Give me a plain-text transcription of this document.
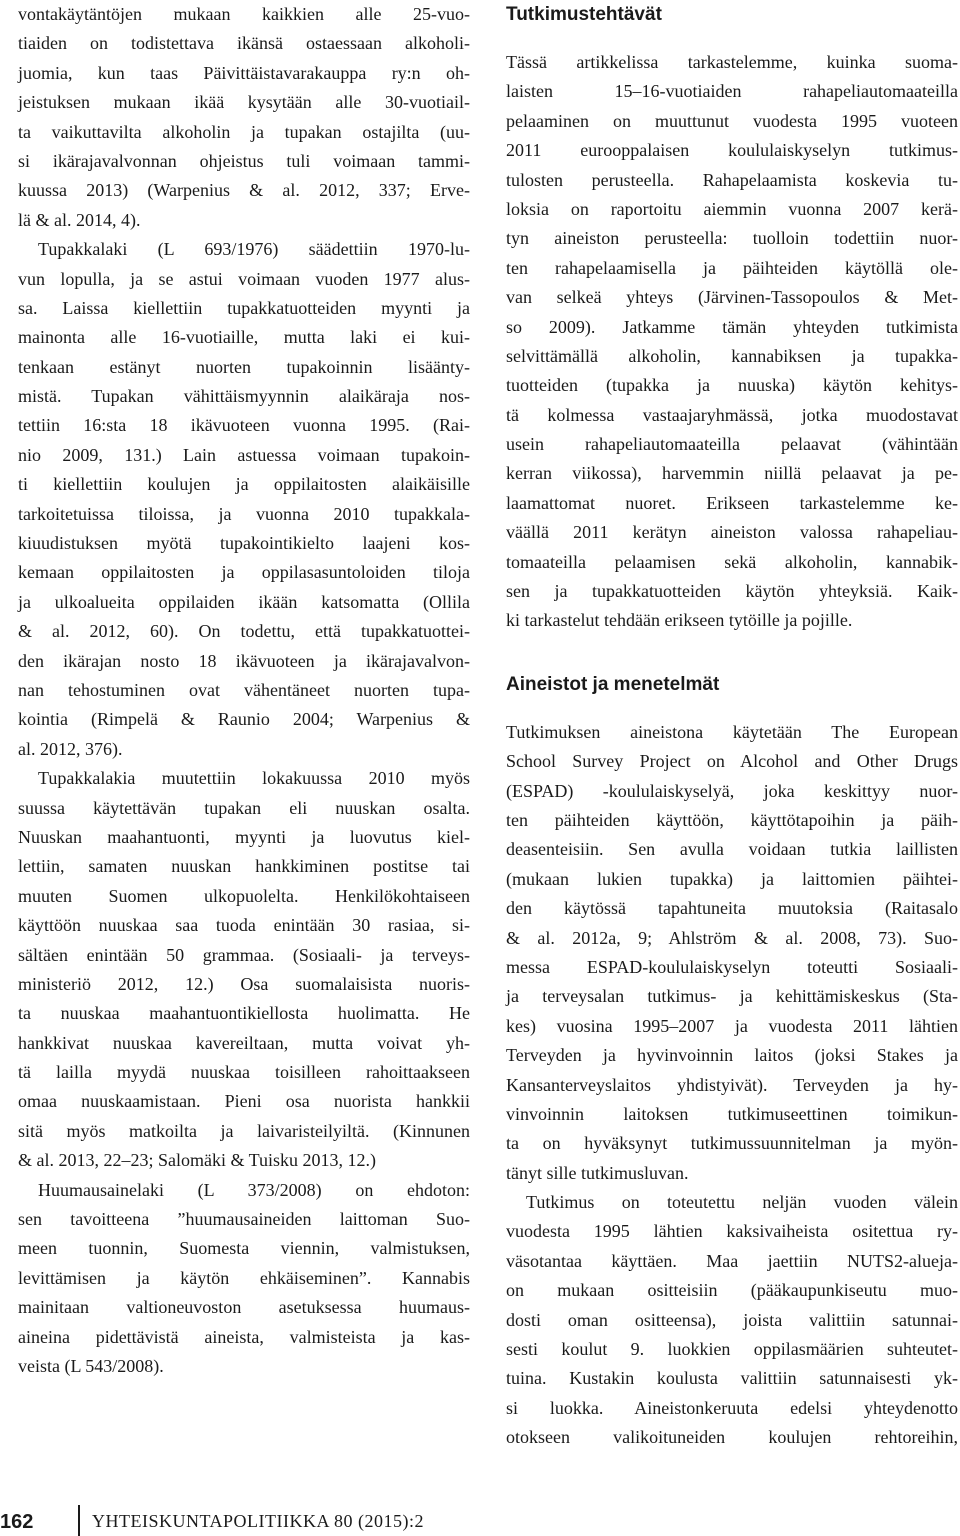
vontakäytäntöjen mukaan kaikkien alle 25-vuo-
tiaiden on todistettava ikänsä ostaessaan alkoholi-
juomia, kun taas Päivittäistavarakauppa ry:n oh-
jeistuksen mukaan ikää kysytään alle 30-vuotiail-
ta vaikuttavilta alkoholin ja tupakan ostajilta (uu-
si ikärajavalvonnan ohjeistus tuli voimaan tammi-
kuussa 2013) (Warpenius & al. 2012, 337; Erve-
lä & al. 2014, 4).
Tupakkalaki (L 693/1976) säädettiin 1970-lu-
vun lopulla, ja se astui voimaan vuoden 1977 alus-
sa. Laissa kiellettiin tupakkatuotteiden myynti ja
mainonta alle 16-vuotiaille, mutta laki ei kui-
tenkaan estänyt nuorten tupakoinnin lisäänty-
mistä. Tupakan vähittäismyynnin alaikäraja nos-
tettiin 16:sta 18 ikävuoteen vuonna 1995. (Rai-
nio 2009, 131.) Lain astuessa voimaan tupakoin-
ti kiellettiin koulujen ja oppilaitosten alaikäisille
tarkoitetuissa tiloissa, ja vuonna 2010 tupakkala-
kiuudistuksen myötä tupakointikielto laajeni kos-
kemaan oppilaitosten ja oppilasasuntoloiden tiloja
ja ulkoalueita oppilaiden ikään katsomatta (Ollila
& al. 2012, 60). On todettu, että tupakkatuottei-
den ikärajan nosto 18 ikävuoteen ja ikärajavalvon-
nan tehostuminen ovat vähentäneet nuorten tupa-
kointia (Rimpelä & Raunio 2004; Warpenius &
al. 2012, 376).
Tupakkalakia muutettiin lokakuussa 2010 myös
suussa käytettävän tupakan eli nuuskan osalta.
Nuuskan maahantuonti, myynti ja luovutus kiel-
lettiin, samaten nuuskan hankkiminen postitse tai
muuten Suomen ulkopuolelta. Henkilökohtaiseen
käyttöön nuuskaa saa tuoda enintään 30 rasiaa, si-
sältäen enintään 50 grammaa. (Sosiaali- ja terveys-
ministeriö 2012, 12.) Osa suomalaisista nuoris-
ta nuuskaa maahantuontikiellosta huolimatta. He
hankkivat nuuskaa kavereiltaan, mutta voivat yh-
tä lailla myydä nuuskaa toisilleen rahoittaakseen
omaa nuuskaamistaan. Pieni osa nuorista hankkii
sitä myös matkoilta ja laivaristeilyiltä. (Kinnunen
& al. 2013, 22–23; Salomäki & Tuisku 2013, 12.)
Huumausainelaki (L 373/2008) on ehdoton:
sen tavoitteena ”huumausaineiden laittoman Suo-
meen tuonnin, Suomesta viennin, valmistuksen,
levittämisen ja käytön ehkäiseminen”. Kannabis
mainitaan valtioneuvoston asetuksessa huumaus-
aineina pidettävistä aineista, valmisteista ja kas-
veista (L 543/2008).
Tutkimustehtävät
Tässä artikkelissa tarkastelemme, kuinka suoma-
laisten 15–16-vuotiaiden rahapeliautomaateilla
pelaaminen on muuttunut vuodesta 1995 vuoteen
2011 eurooppalaisen koululaiskyselyn tutkimus-
tulosten perusteella. Rahapelaamista koskevia tu-
loksia on raportoitu aiemmin vuonna 2007 kerä-
tyn aineiston perusteella: tuolloin todettiin nuor-
ten rahapelaamisella ja päihteiden käytöllä ole-
van selkeä yhteys (Järvinen-Tassopoulos & Met-
so 2009). Jatkamme tämän yhteyden tutkimista
selvittämällä alkoholin, kannabiksen ja tupakka-
tuotteiden (tupakka ja nuuska) käytön kehitys-
tä kolmessa vastaajaryhmässä, jotka muodostavat
usein rahapeliautomaateilla pelaavat (vähintään
kerran viikossa), harvemmin niillä pelaavat ja pe-
laamattomat nuoret. Erikseen tarkastelemme ke-
väällä 2011 kerätyn aineiston valossa rahapeliau-
tomaateilla pelaamisen sekä alkoholin, kannabik-
sen ja tupakkatuotteiden käytön yhteyksiä. Kaik-
ki tarkastelut tehdään erikseen tytöille ja pojille.
Aineistot ja menetelmät
Tutkimuksen aineistona käytetään The European
School Survey Project on Alcohol and Other Drugs
(ESPAD) -koululaiskyselyä, joka keskittyy nuor-
ten päihteiden käyttöön, käyttötapoihin ja päih-
deasenteisiin. Sen avulla voidaan tutkia laillisten
(mukaan lukien tupakka) ja laittomien päihtei-
den käytössä tapahtuneita muutoksia (Raitasalo
& al. 2012a, 9; Ahlström & al. 2008, 73). Suo-
messa ESPAD-koululaiskyselyn toteutti Sosiaali-
ja terveysalan tutkimus- ja kehittämiskeskus (Sta-
kes) vuosina 1995–2007 ja vuodesta 2011 lähtien
Terveyden ja hyvinvoinnin laitos (joksi Stakes ja
Kansanterveyslaitos yhdistyivät). Terveyden ja hy-
vinvoinnin laitoksen tutkimuseettinen toimikun-
ta on hyväksynyt tutkimussuunnitelman ja myön-
tänyt sille tutkimusluvan.
Tutkimus on toteutettu neljän vuoden välein
vuodesta 1995 lähtien kaksivaiheista ositettua ry-
väsotantaa käyttäen. Maa jaettiin NUTS2-alueja-
on mukaan ositteisiin (pääkaupunkiseutu muo-
dosti oman ositteensa), joista valittiin satunnai-
sesti koulut 9. luokkien oppilasmäärien suhteutet-
tuina. Kustakin koulusta valittiin satunnaisesti yk-
si luokka. Aineistonkeruuta edelsi yhteydenotto
otokseen valikoituneiden koulujen rehtoreihin,
162	YHTEISKUNTAPOLITIIKKA 80 (2015):2
